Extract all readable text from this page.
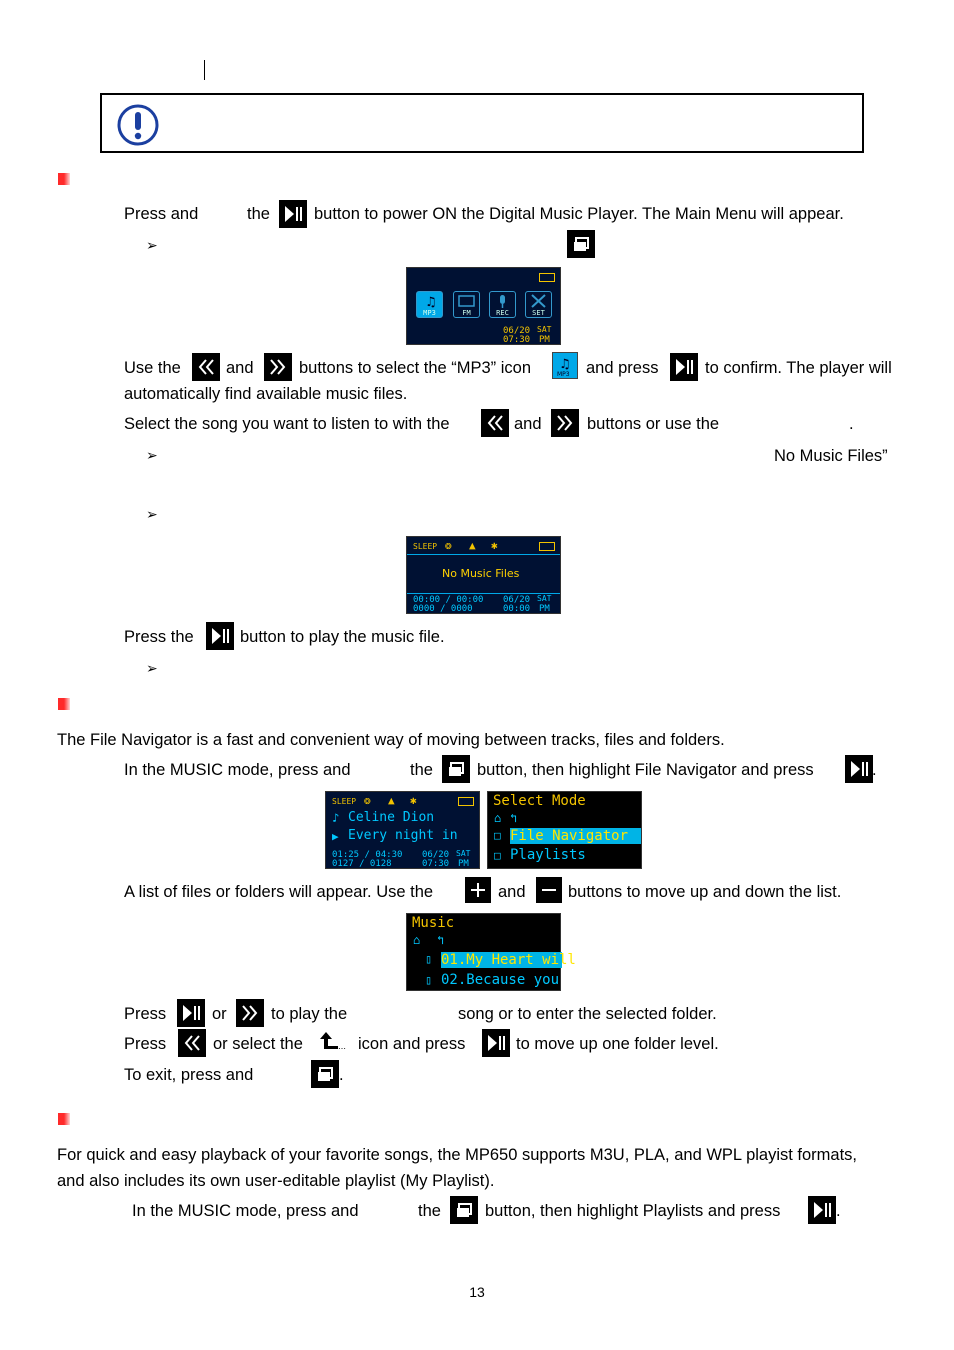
Press and	the	button to power ON the Digital Music Player. The Main Menu will appear.
➢
♫
MP3	FM	REC	SET
06/20 SAT
07:30 PM
Use the	and	buttons to select the “MP3” icon ♫
MP3 and press	to confirm. The player will
automatically find available music files.
Select the song you want to listen to with the	and	buttons or use the	.
➢	No Music Files”
➢
SLEEP ❂ ▲ ✱
No Music Files
00:00 / 00:00
0000 / 0000
06/20 SAT
00:00 PM
Press the	button to play the music file.
➢
The File Navigator is a fast and convenient way of moving between tracks, files and folders.
In the MUSIC mode, press and	the	button, then highlight File Navigator and press	.
SLEEP ❂ ▲ ✱
♪ Celine Dion
▶ Every night in
01:25 / 04:30
0127 / 0128
06/20 SAT
07:30 PM
Select Mode
⌂ ↰
□ File Navigator
□ Playlists
A list of files or folders will appear. Use the	and	buttons to move up and down the list.
Music
⌂ ↰
▯ 01.My Heart will
▯ 02.Because you
Press	or	to play the	song or to enter the selected folder.
Press	or select the	… icon and press	to move up one folder level.
To exit, press and	.
For quick and easy playback of your favorite songs, the MP650 supports M3U, PLA, and WPL playist formats,
and also includes its own user-editable playlist (My Playlist).
In the MUSIC mode, press and	the	button, then highlight Playlists and press	.
13
